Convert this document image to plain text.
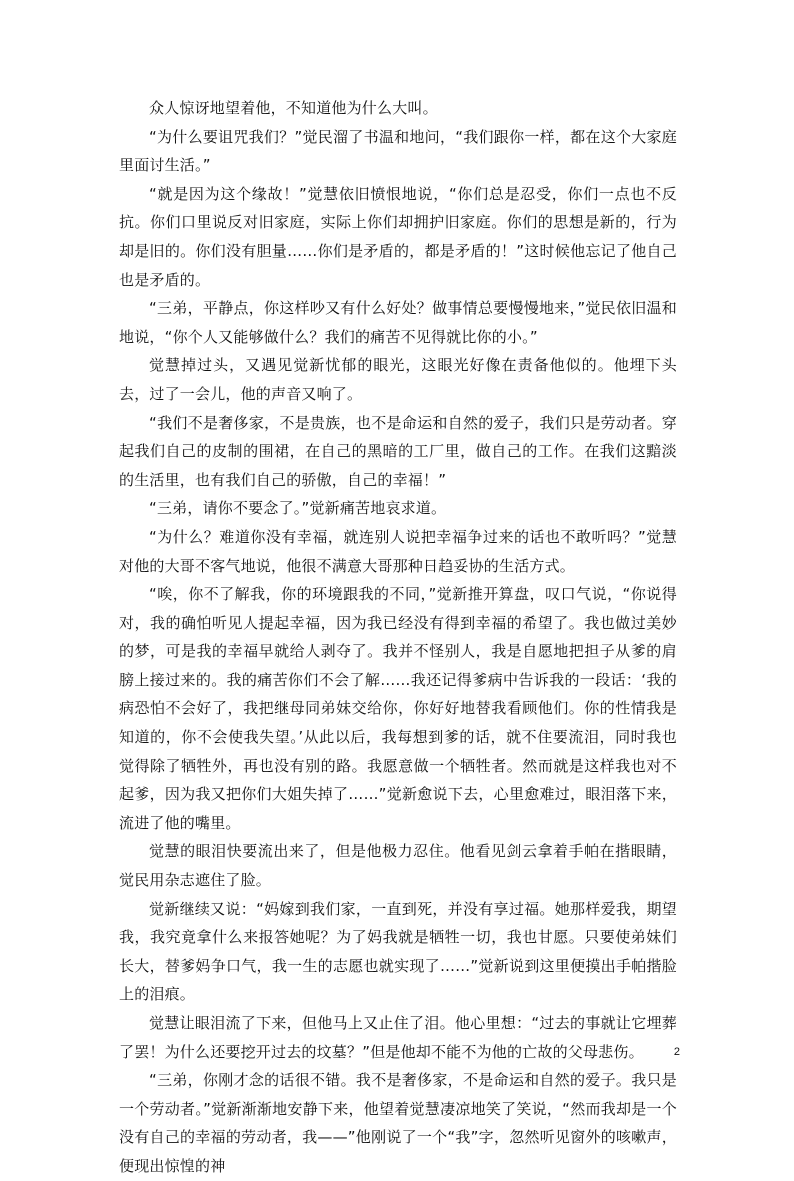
众人惊讶地望着他，不知道他为什么大叫。

“为什么要诅咒我们？”觉民溜了书温和地问，“我们跟你一样，都在这个大家庭里面讨生活。”

“就是因为这个缘故！”觉慧依旧愤恨地说，“你们总是忍受，你们一点也不反抗。你们口里说反对旧家庭，实际上你们却拥护旧家庭。你们的思想是新的，行为却是旧的。你们没有胆量……你们是矛盾的，都是矛盾的！”这时候他忘记了他自己也是矛盾的。

“三弟，平静点，你这样吵又有什么好处？做事情总要慢慢地来，”觉民依旧温和地说，“你个人又能够做什么？我们的痛苦不见得就比你的小。”

觉慧掉过头，又遇见觉新忧郁的眼光，这眼光好像在责备他似的。他埋下头去，过了一会儿，他的声音又响了。

“我们不是奢侈家，不是贵族，也不是命运和自然的爱子，我们只是劳动者。穿起我们自己的皮制的围裙，在自己的黑暗的工厂里，做自己的工作。在我们这黯淡的生活里，也有我们自己的骄傲，自己的幸福！”

“三弟，请你不要念了。”觉新痛苦地哀求道。

“为什么？难道你没有幸福，就连别人说把幸福争过来的话也不敢听吗？”觉慧对他的大哥不客气地说，他很不满意大哥那种日趋妥协的生活方式。

“唉，你不了解我，你的环境跟我的不同，”觉新推开算盘，叹口气说，“你说得对，我的确怕听见人提起幸福，因为我已经没有得到幸福的希望了。我也做过美妙的梦，可是我的幸福早就给人剥夺了。我并不怪别人，我是自愿地把担子从爹的肩膀上接过来的。我的痛苦你们不会了解……我还记得爹病中告诉我的一段话：‘我的病恐怕不会好了，我把继母同弟妹交给你，你好好地替我看顾他们。你的性情我是知道的，你不会使我失望。’从此以后，我每想到爹的话，就不住要流泪，同时我也觉得除了牺牲外，再也没有别的路。我愿意做一个牺牲者。然而就是这样我也对不起爹，因为我又把你们大姐失掉了……”觉新愈说下去，心里愈难过，眼泪落下来，流进了他的嘴里。

觉慧的眼泪快要流出来了，但是他极力忍住。他看见剑云拿着手帕在揩眼睛，觉民用杂志遮住了脸。

觉新继续又说：“妈嫁到我们家，一直到死，并没有享过福。她那样爱我，期望我，我究竟拿什么来报答她呢？为了妈我就是牺牲一切，我也甘愿。只要使弟妹们长大，替爹妈争口气，我一生的志愿也就实现了……”觉新说到这里便摸出手帕揩脸上的泪痕。

觉慧让眼泪流了下来，但他马上又止住了泪。他心里想：“过去的事就让它埋葬了罢！为什么还要挖开过去的坟墓？”但是他却不能不为他的亡故的父母悲伤。

“三弟，你刚才念的话很不错。我不是奢侈家，不是命运和自然的爱子。我只是一个劳动者。”觉新渐渐地安静下来，他望着觉慧凄凉地笑了笑说，“然而我却是一个没有自己的幸福的劳动者，我——”他刚说了一个“我”字，忽然听见窗外的咳嗽声，便现出惊惶的神

2
